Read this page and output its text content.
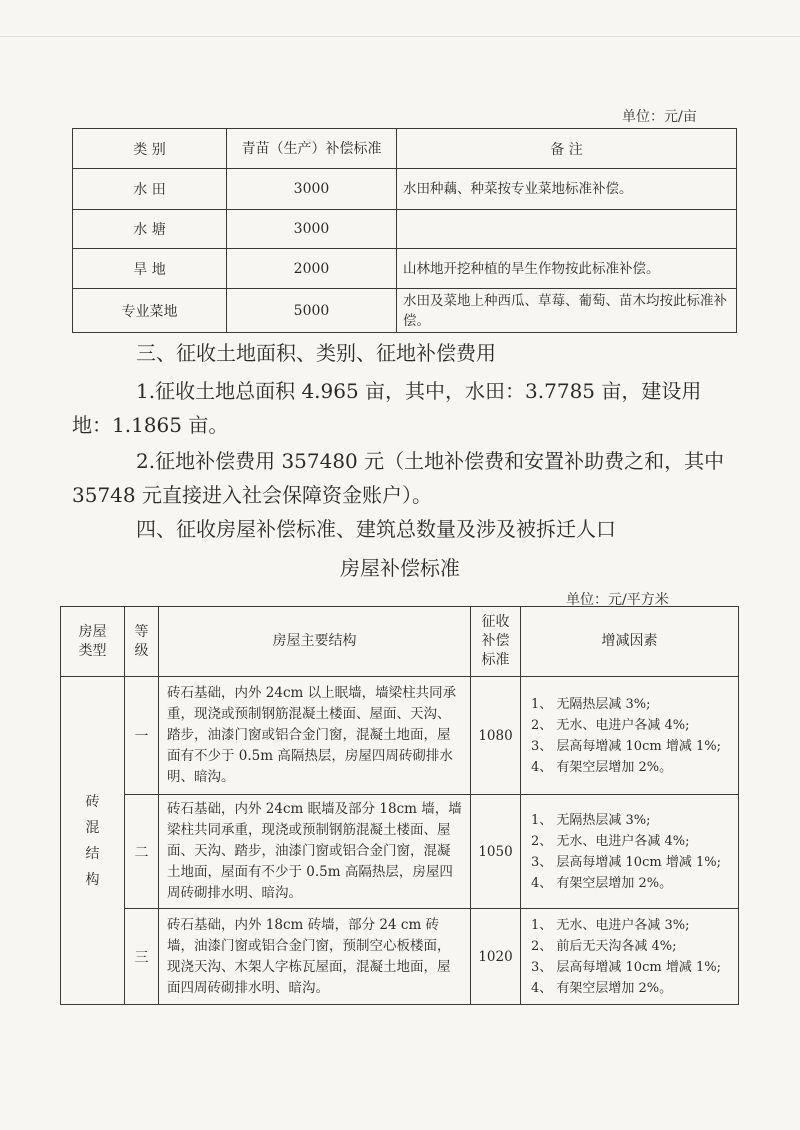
单位：元/亩
类 别	青苗（生产）补偿标准	备 注
水 田	3000	水田种藕、种菜按专业菜地标准补偿。
水 塘	3000	
旱 地	2000	山林地开挖种植的旱生作物按此标准补偿。
专业菜地	5000	水田及菜地上种西瓜、草莓、葡萄、苗木均按此标准补偿。
三、征收土地面积、类别、征地补偿费用
1.征收土地总面积 4.965 亩，其中，水田：3.7785 亩，建设用地：1.1865 亩。
2.征地补偿费用 357480 元（土地补偿费和安置补助费之和，其中 35748 元直接进入社会保障资金账户）。
四、征收房屋补偿标准、建筑总数量及涉及被拆迁人口
房屋补偿标准
单位：元/平方米
房屋类型	等级	房屋主要结构	征收补偿标准	增减因素
砖混结构	一	砖石基础，内外 24cm 以上眠墙，墙梁柱共同承重，现浇或预制钢筋混凝土楼面、屋面、天沟、踏步，油漆门窗或铝合金门窗，混凝土地面，屋面有不少于 0.5m 高隔热层，房屋四周砖砌排水明、暗沟。	1080	1、 无隔热层减 3%;
2、 无水、电进户各减 4%;
3、 层高每增减 10cm 增减 1%;
4、 有架空层增加 2%。

	二	砖石基础，内外 24cm 眠墙及部分 18cm 墙，墙梁柱共同承重，现浇或预制钢筋混凝土楼面、屋面、天沟、踏步，油漆门窗或铝合金门窗，混凝土地面，屋面有不少于 0.5m 高隔热层，房屋四周砖砌排水明、暗沟。	1050	1、 无隔热层减 3%;
2、 无水、电进户各减 4%;
3、 层高每增减 10cm 增减 1%;
4、 有架空层增加 2%。

	三	砖石基础，内外 18cm 砖墙，部分 24 cm 砖墙，油漆门窗或铝合金门窗，预制空心板楼面，现浇天沟、木架人字栋瓦屋面，混凝土地面，屋面四周砖砌排水明、暗沟。	1020	1、 无水、电进户各减 3%;
2、 前后无天沟各减 4%;
3、 层高每增减 10cm 增减 1%;
4、 有架空层增加 2%。
